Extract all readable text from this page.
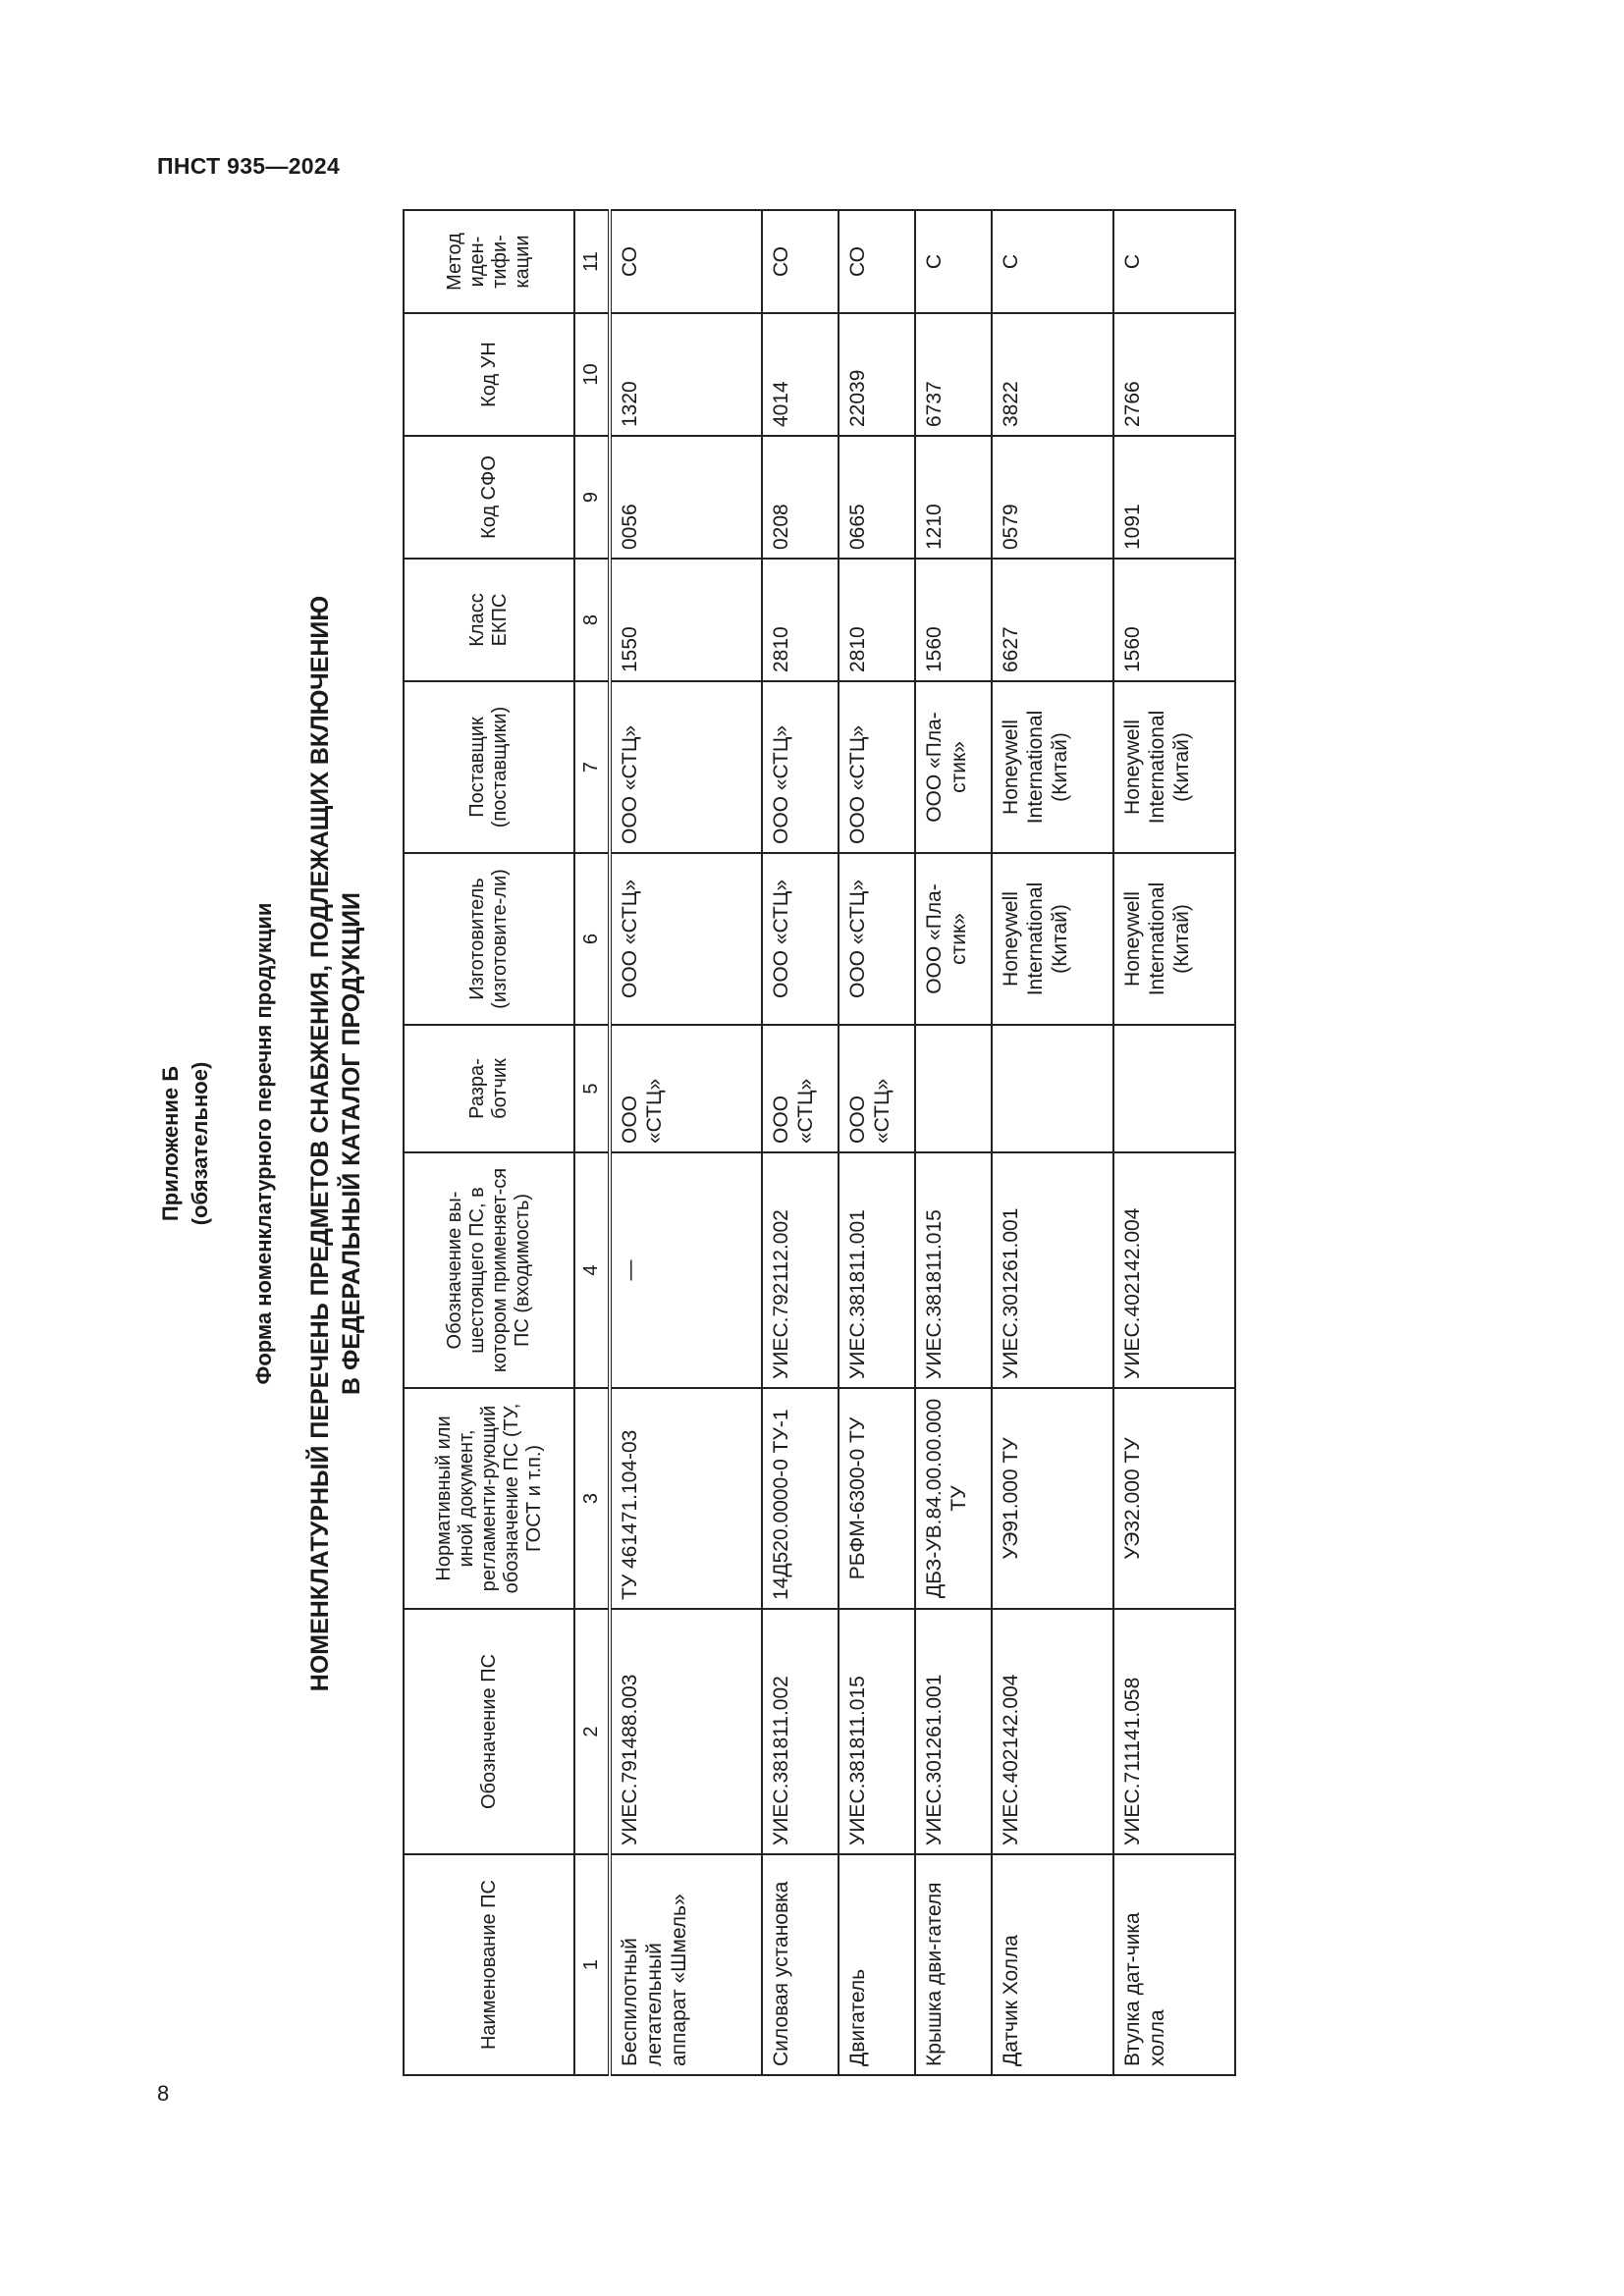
ПНСТ 935—2024
Приложение Б (обязательное) Форма номенклатурного перечня продукции НОМЕНКЛАТУРНЫЙ ПЕРЕЧЕНЬ ПРЕДМЕТОВ СНАБЖЕНИЯ, ПОДЛЕЖАЩИХ ВКЛЮЧЕНИЮ В ФЕДЕРАЛЬНЫЙ КАТАЛОГ ПРОДУКЦИИ
Наименование ПС	Обозначение ПС	Нормативный или иной документ, регламенти-рующий обозначение ПС (ТУ, ГОСТ и т.п.)	Обозначение вы-шестоящего ПС, в котором применяет-ся ПС (входимость)	Разра-ботчик	Изготовитель (изготовите-ли)	Поставщик (поставщики)	Класс ЕКПС	Код СФО	Код УН	Метод иден-тифи-кации
1	2	3	4	5	6	7	8	9	10	11
Беспилотный летательный аппарат «Шмель»	УИЕС.791488.003	ТУ 461471.104-03	—	ООО «СТЦ»	ООО «СТЦ»	ООО «СТЦ»	1550	0056	1320	СО
Силовая установка	УИЕС.381811.002	14Д520.0000-0 ТУ-1	УИЕС.792112.002	ООО «СТЦ»	ООО «СТЦ»	ООО «СТЦ»	2810	0208	4014	СО
Двигатель	УИЕС.381811.015	РБФМ-6300-0 ТУ	УИЕС.381811.001	ООО «СТЦ»	ООО «СТЦ»	ООО «СТЦ»	2810	0665	22039	СО
Крышка дви-гателя	УИЕС.301261.001	ДБЗ-УВ.84.00.00.000 ТУ	УИЕС.381811.015		ООО «Пла-стик»	ООО «Пла-стик»	1560	1210	6737	С
Датчик Холла	УИЕС.402142.004	УЭ91.000 ТУ	УИЕС.301261.001		Honeywell International (Китай)	Honeywell International (Китай)	6627	0579	3822	С
Втулка дат-чика холла	УИЕС.711141.058	УЭ32.000 ТУ	УИЕС.402142.004		Honeywell International (Китай)	Honeywell International (Китай)	1560	1091	2766	С
8
